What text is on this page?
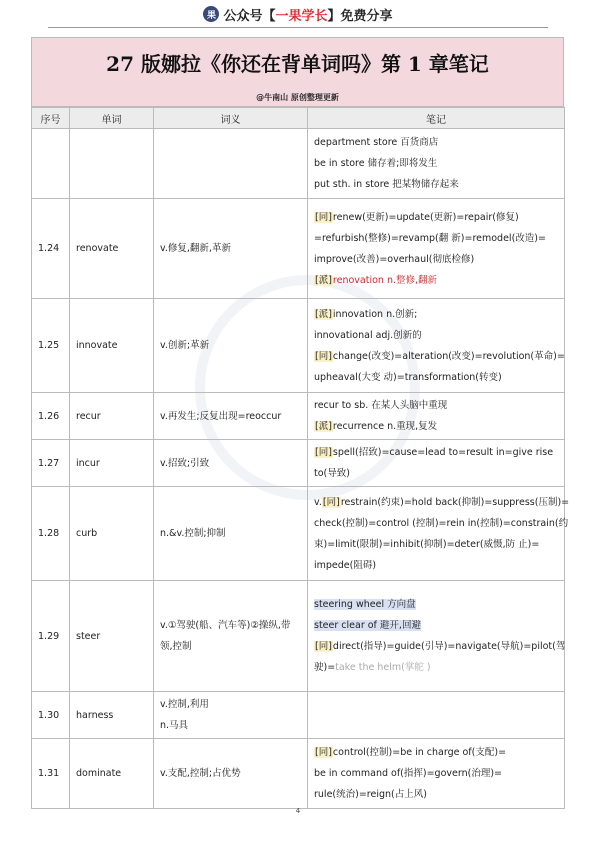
果 公众号【 一果学长 】免费分享
27 版娜拉《你还在背单词吗》第 1 章笔记
@牛南山 原创整理更新
序号	单词	词义	笔记

			department store 百货商店
be in store 储存着;即将发生
put sth. in store 把某物储存起来

1.24	renovate	v.修复,翻新,革新	[同]renew(更新)=update(更新)=repair(修复)
=refurbish(整修)=revamp(翻 新)=remodel(改造)=
improve(改善)=overhaul(彻底检修)
[派]renovation n.整修,翻新

1.25	innovate	v.创新;革新	[派]innovation n.创新;
innovational adj.创新的
[同]change(改变)=alteration(改变)=revolution(革命)=
upheaval(大变 动)=transformation(转变)

1.26	recur	v.再发生;反复出现=reoccur	recur to sb. 在某人头脑中重现
[派]recurrence n.重现,复发

1.27	incur	v.招致;引致	[同]spell(招致)=cause=lead to=result in=give rise
to(导致)

1.28	curb	n.&v.控制;抑制	v.[同]restrain(约束)=hold back(抑制)=suppress(压制)=
check(控制)=control (控制)=rein in(控制)=constrain(约
束)=limit(限制)=inhibit(抑制)=deter(威慑,防 止)=
impede(阻碍)

1.29	steer	v.①驾驶(船、汽车等)②操纵,带
领,控制	steering wheel 方向盘
steer clear of 避开,回避
[同]direct(指导)=guide(引导)=navigate(导航)=pilot(驾
驶)=take the helm(掌舵 )

1.30	harness	v.控制,利用
n.马具	

1.31	dominate	v.支配,控制;占优势	[同]control(控制)=be in charge of(支配)=
be in command of(指挥)=govern(治理)=
rule(统治)=reign(占上风)
4
